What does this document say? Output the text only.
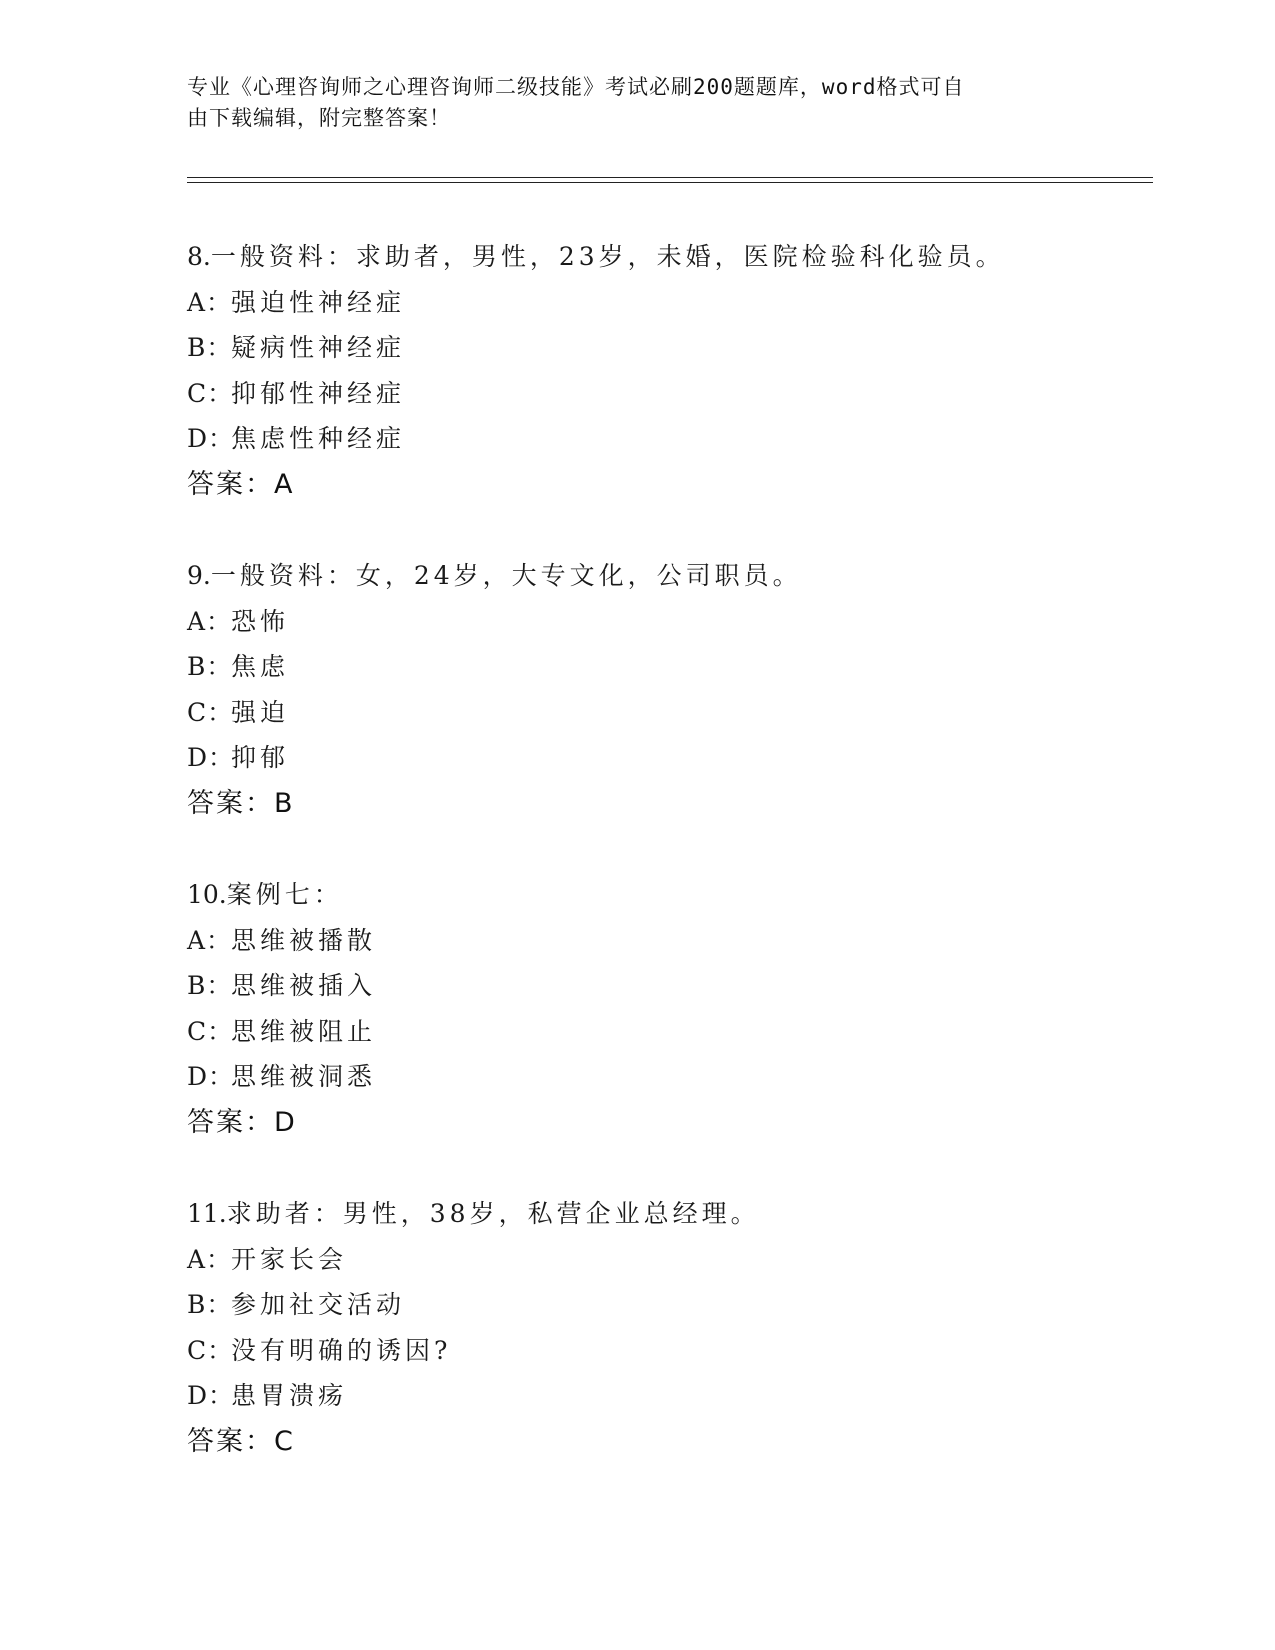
专业《心理咨询师之心理咨询师二级技能》考试必刷200题题库，word格式可自
由下载编辑，附完整答案！
8.一般资料：求助者，男性，23岁，未婚，医院检验科化验员。
A：强迫性神经症
B：疑病性神经症
C：抑郁性神经症
D：焦虑性种经症
答案：A
9.一般资料：女，24岁，大专文化，公司职员。
A：恐怖
B：焦虑
C：强迫
D：抑郁
答案：B
10.案例七：
A：思维被播散
B：思维被插入
C：思维被阻止
D：思维被洞悉
答案：D
11.求助者：男性，38岁，私营企业总经理。
A：开家长会
B：参加社交活动
C：没有明确的诱因?
D：患胃溃疡
答案：C
